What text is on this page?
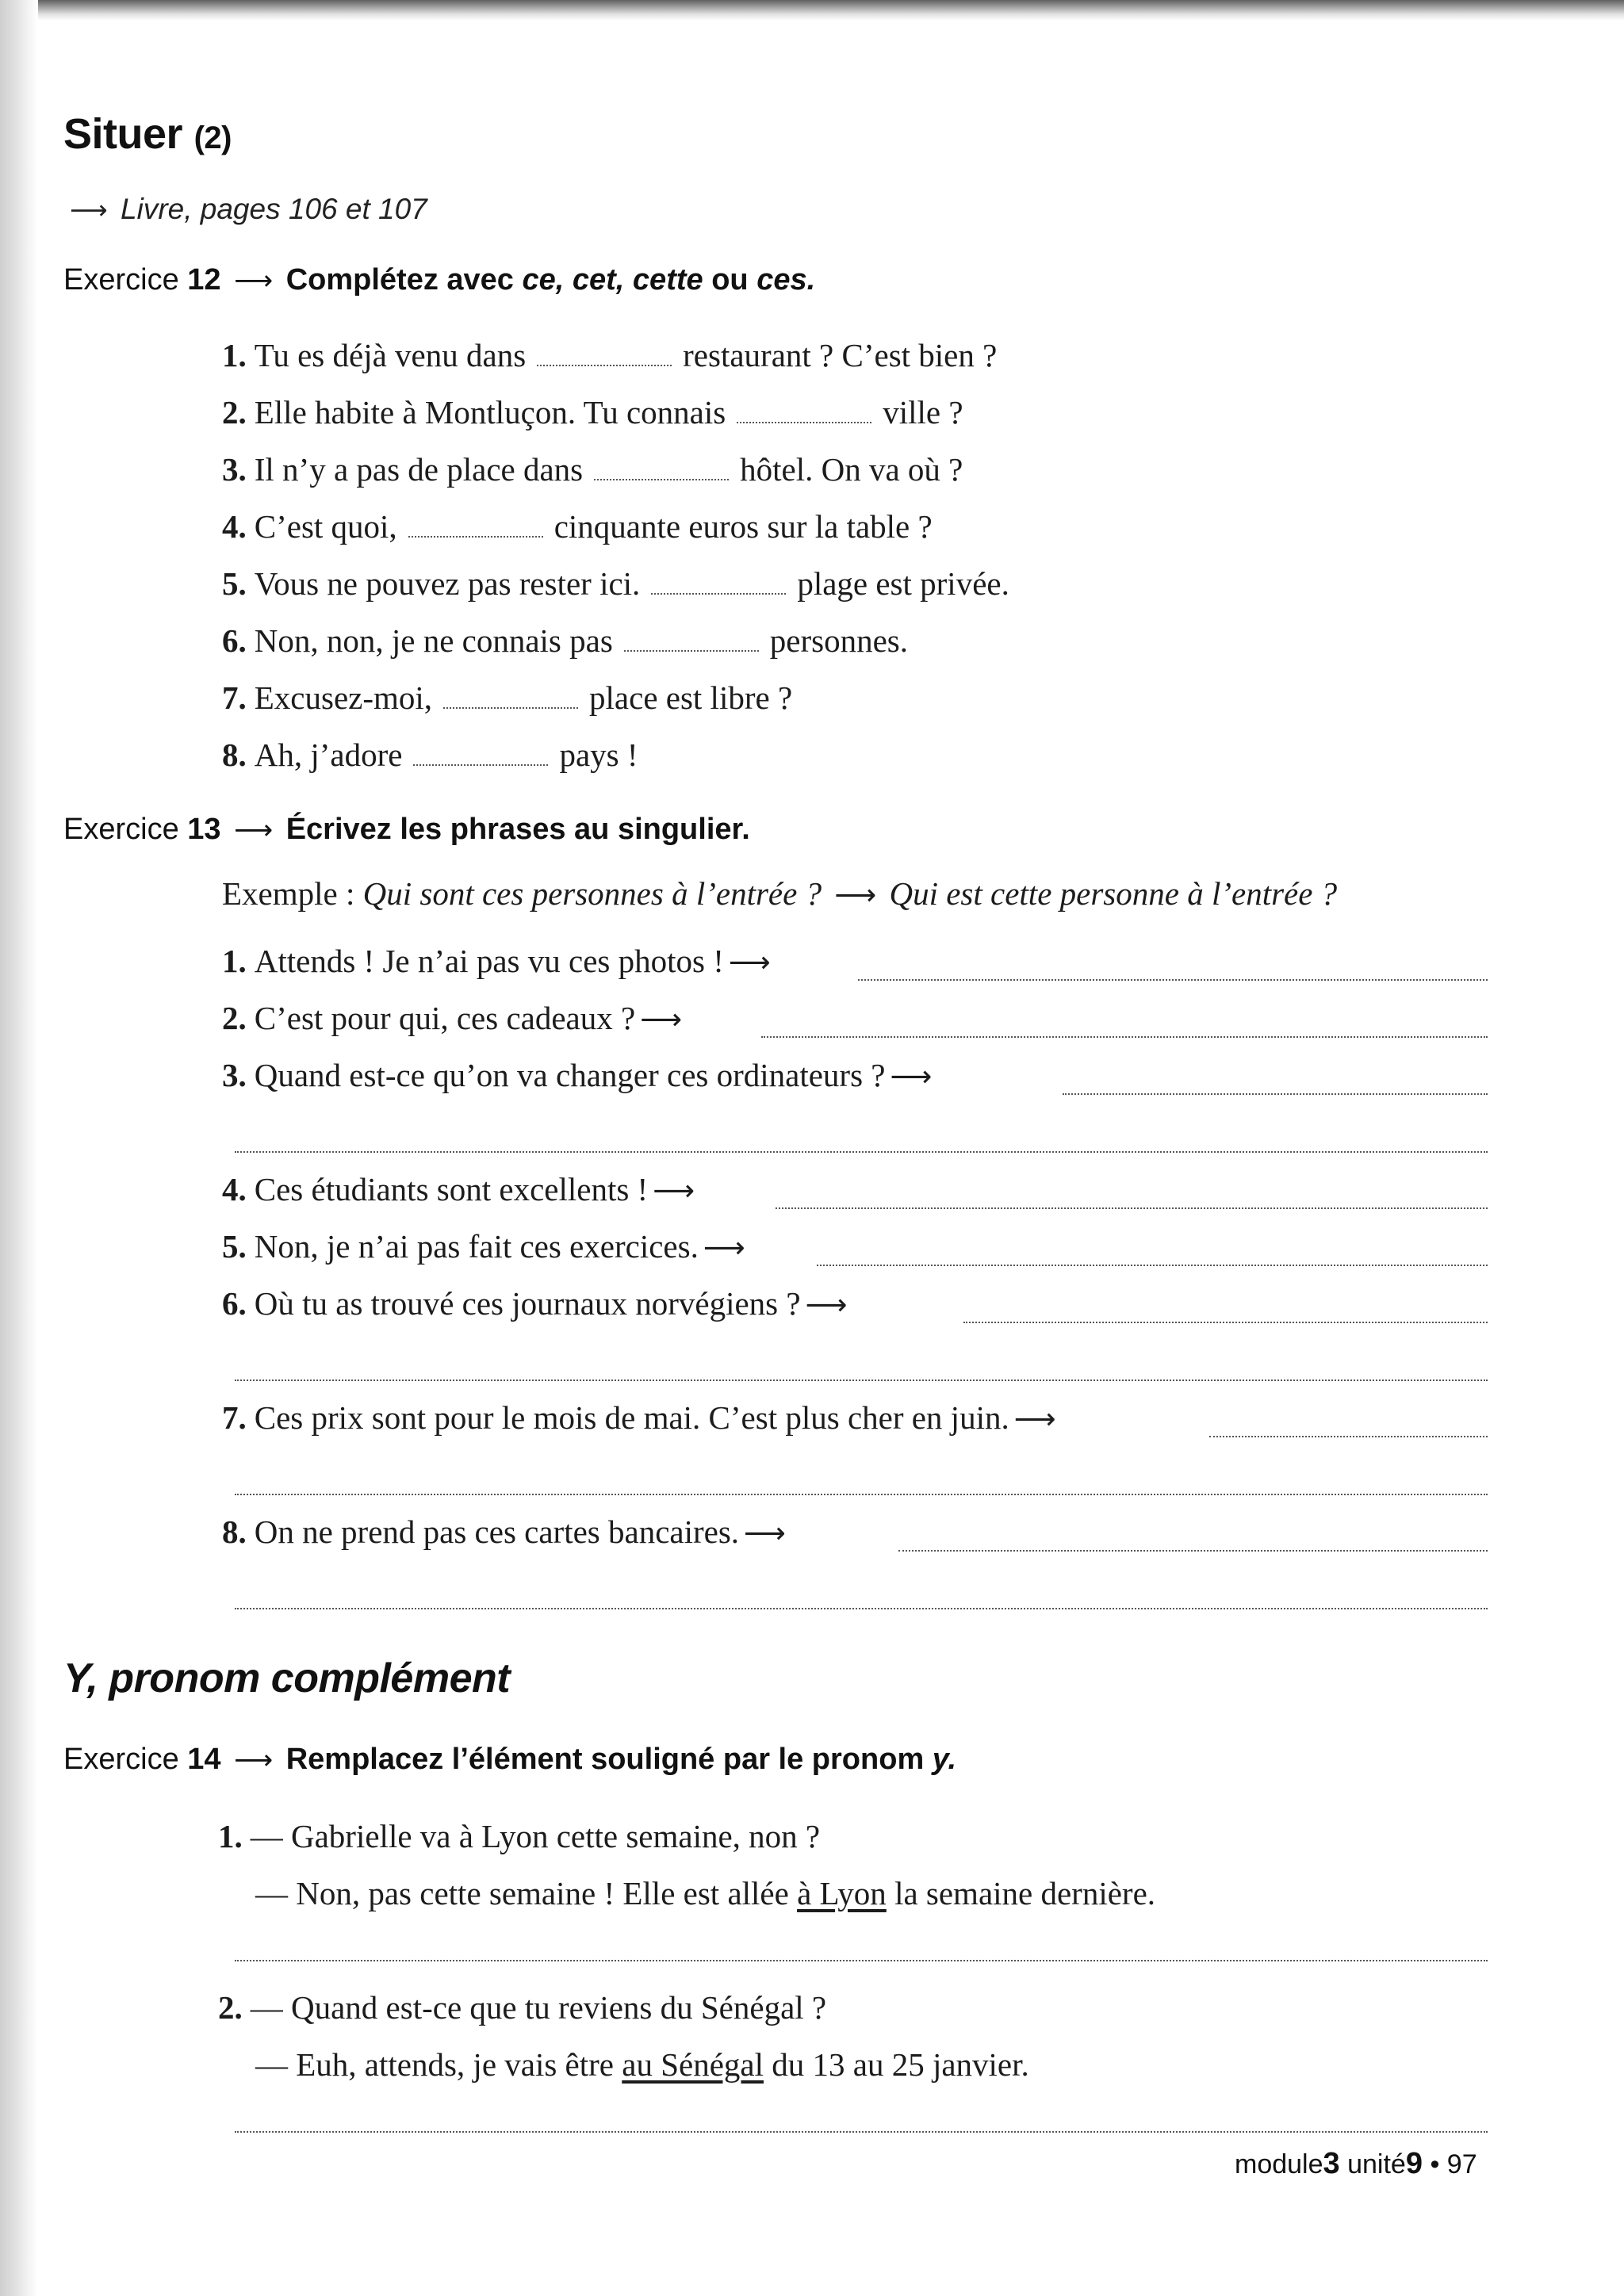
Situer (2)
⟶ Livre, pages 106 et 107
Exercice 12 ⟶ Complétez avec ce, cet, cette ou ces.
1. Tu es déjà venu dans	restaurant ? C’est bien ?
2. Elle habite à Montluçon. Tu connais	ville ?
3. Il n’y a pas de place dans	hôtel. On va où ?
4. C’est quoi,	cinquante euros sur la table ?
5. Vous ne pouvez pas rester ici.	plage est privée.
6. Non, non, je ne connais pas	personnes.
7. Excusez-moi,	place est libre ?
8. Ah, j’adore	pays !
Exercice 13 ⟶ Écrivez les phrases au singulier.
Exemple : Qui sont ces personnes à l’entrée ? ⟶ Qui est cette personne à l’entrée ?
1. Attends ! Je n’ai pas vu ces photos ! ⟶
2. C’est pour qui, ces cadeaux ? ⟶
3. Quand est-ce qu’on va changer ces ordinateurs ? ⟶
4. Ces étudiants sont excellents ! ⟶
5. Non, je n’ai pas fait ces exercices. ⟶
6. Où tu as trouvé ces journaux norvégiens ? ⟶
7. Ces prix sont pour le mois de mai. C’est plus cher en juin. ⟶
8. On ne prend pas ces cartes bancaires. ⟶
Y, pronom complément
Exercice 14 ⟶ Remplacez l’élément souligné par le pronom y.
1. — Gabrielle va à Lyon cette semaine, non ?
— Non, pas cette semaine ! Elle est allée à Lyon la semaine dernière.
2. — Quand est-ce que tu reviens du Sénégal ?
— Euh, attends, je vais être au Sénégal du 13 au 25 janvier.
module3 unité9 • 97
